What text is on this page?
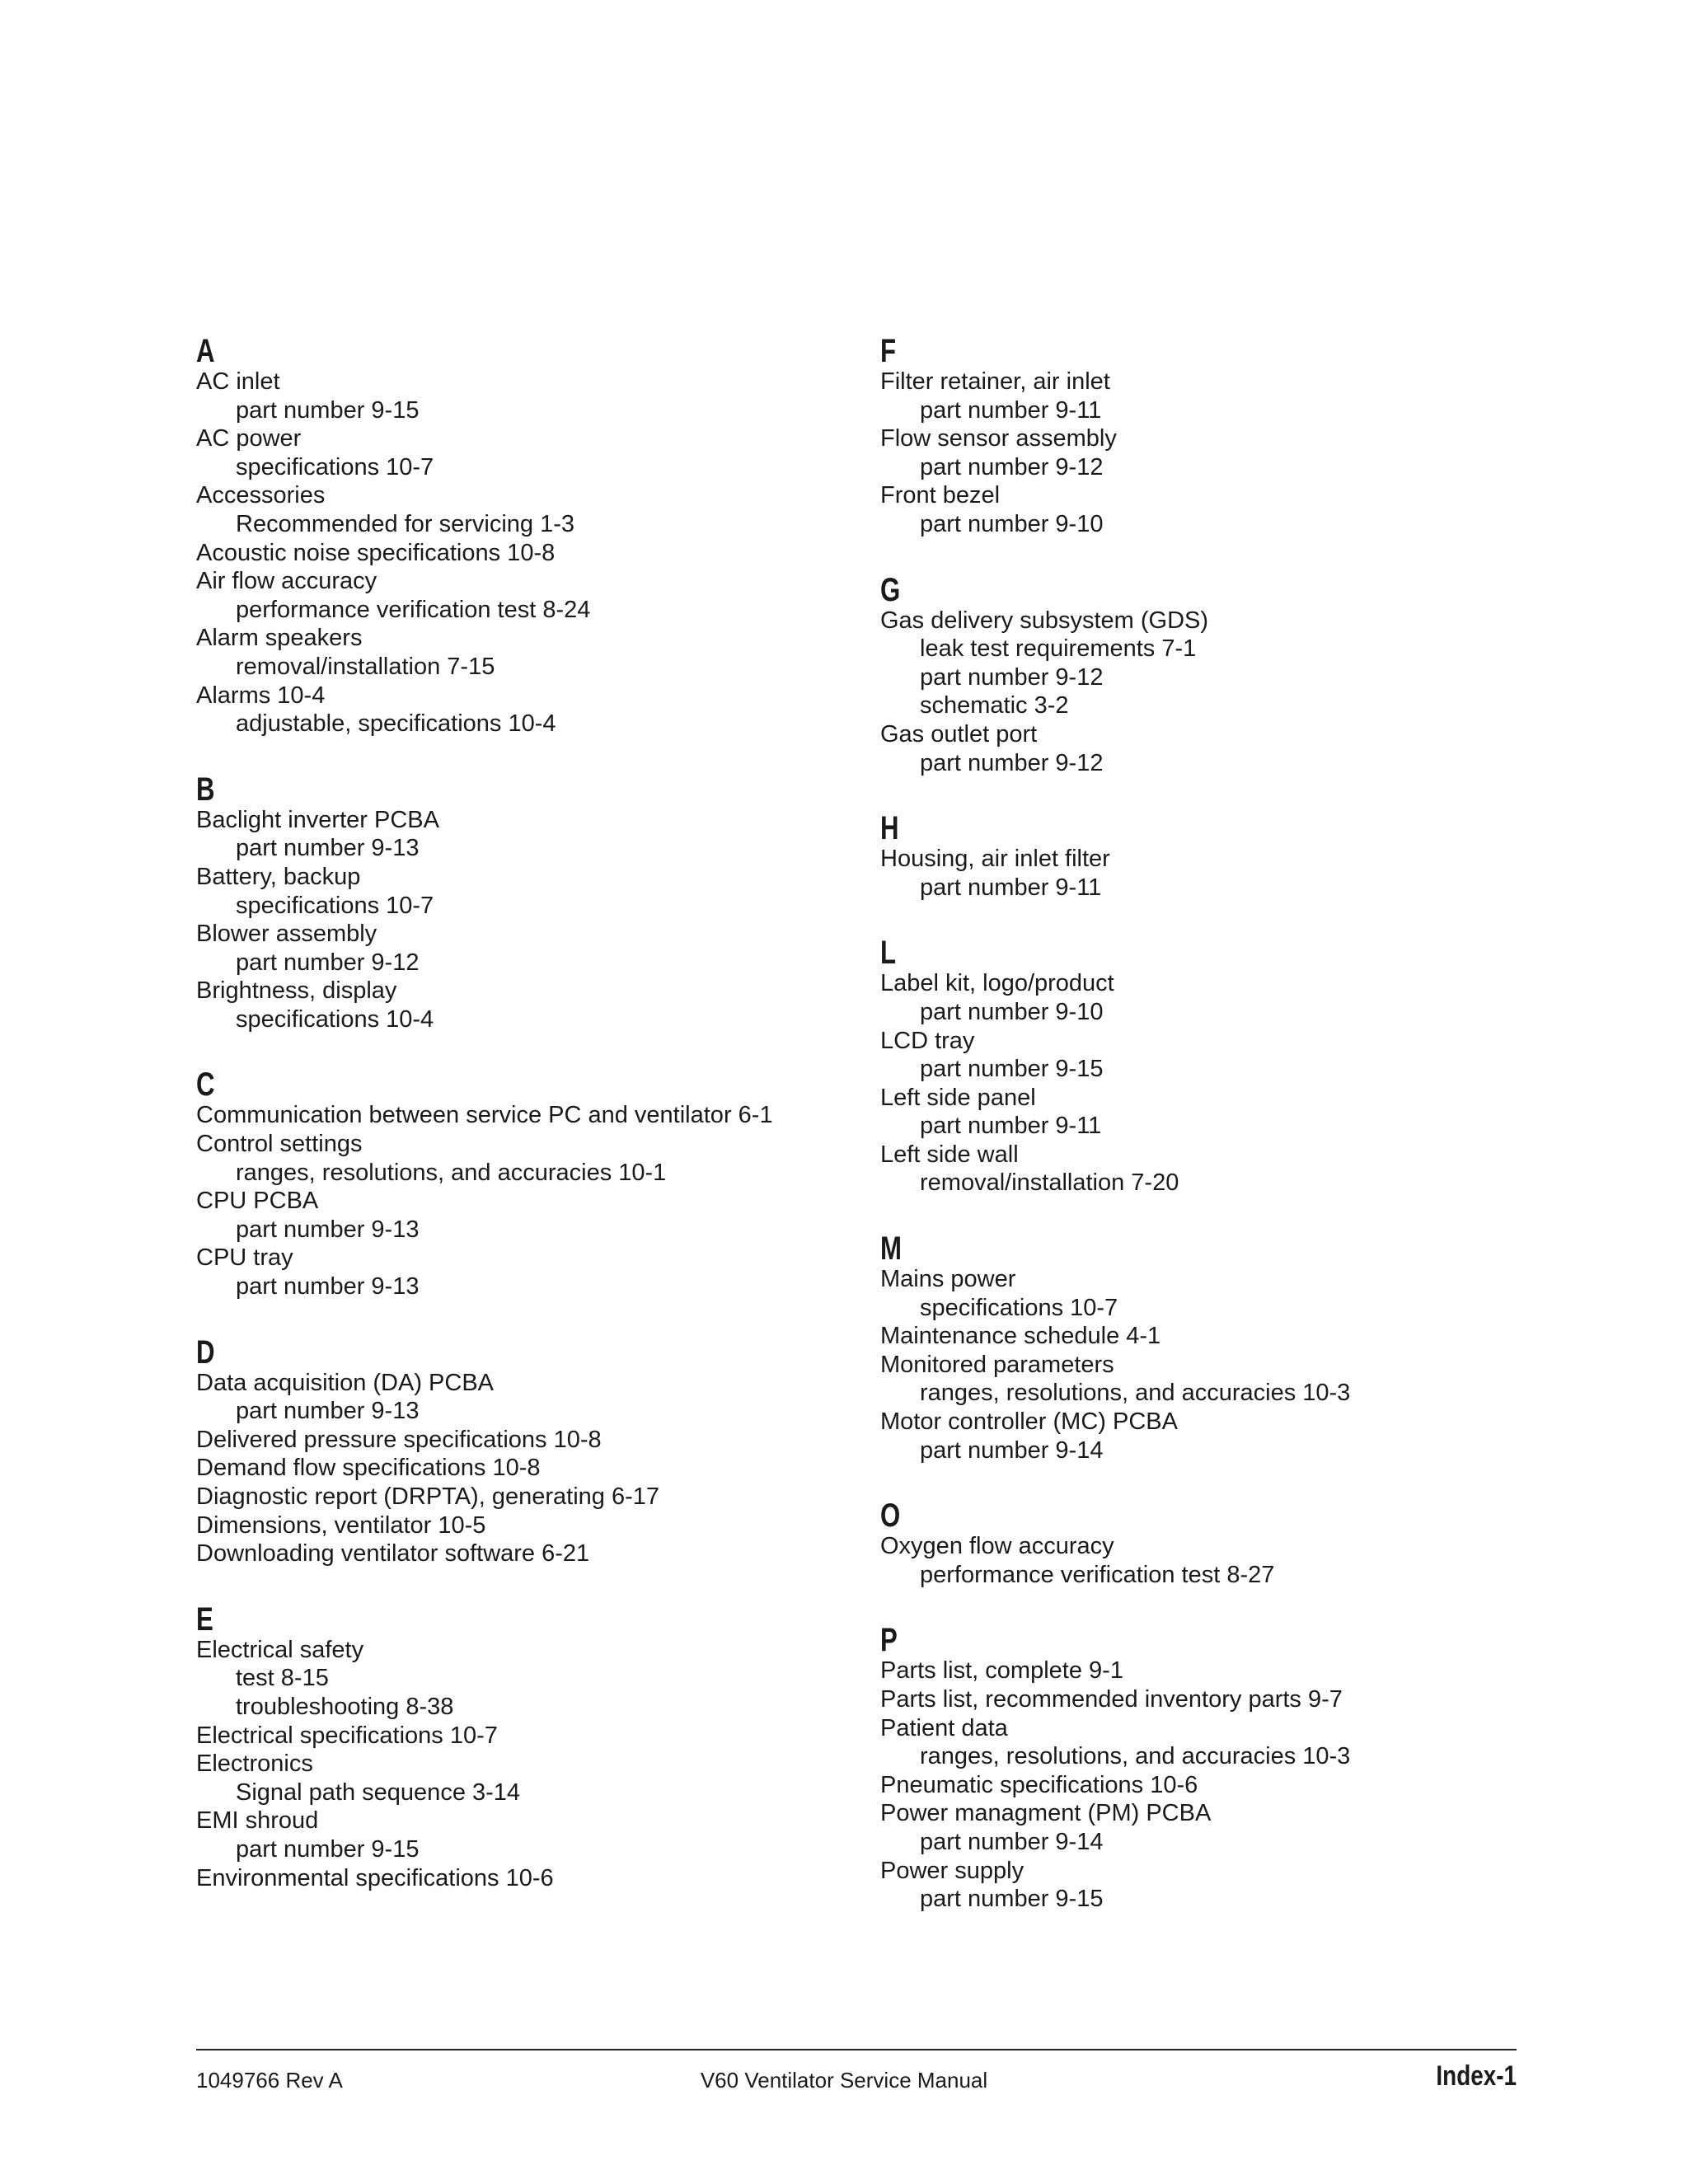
A
AC inlet
part number 9-15
AC power
specifications 10-7
Accessories
Recommended for servicing 1-3
Acoustic noise specifications 10-8
Air flow accuracy
performance verification test 8-24
Alarm speakers
removal/installation 7-15
Alarms 10-4
adjustable, specifications 10-4
B
Baclight inverter PCBA
part number 9-13
Battery, backup
specifications 10-7
Blower assembly
part number 9-12
Brightness, display
specifications 10-4
C
Communication between service PC and ventilator 6-1
Control settings
ranges, resolutions, and accuracies 10-1
CPU PCBA
part number 9-13
CPU tray
part number 9-13
D
Data acquisition (DA) PCBA
part number 9-13
Delivered pressure specifications 10-8
Demand flow specifications 10-8
Diagnostic report (DRPTA), generating 6-17
Dimensions, ventilator 10-5
Downloading ventilator software 6-21
E
Electrical safety
test 8-15
troubleshooting 8-38
Electrical specifications 10-7
Electronics
Signal path sequence 3-14
EMI shroud
part number 9-15
Environmental specifications 10-6
F
Filter retainer, air inlet
part number 9-11
Flow sensor assembly
part number 9-12
Front bezel
part number 9-10
G
Gas delivery subsystem (GDS)
leak test requirements 7-1
part number 9-12
schematic 3-2
Gas outlet port
part number 9-12
H
Housing, air inlet filter
part number 9-11
L
Label kit, logo/product
part number 9-10
LCD tray
part number 9-15
Left side panel
part number 9-11
Left side wall
removal/installation 7-20
M
Mains power
specifications 10-7
Maintenance schedule 4-1
Monitored parameters
ranges, resolutions, and accuracies 10-3
Motor controller (MC) PCBA
part number 9-14
O
Oxygen flow accuracy
performance verification test 8-27
P
Parts list, complete 9-1
Parts list, recommended inventory parts 9-7
Patient data
ranges, resolutions, and accuracies 10-3
Pneumatic specifications 10-6
Power managment (PM) PCBA
part number 9-14
Power supply
part number 9-15
1049766 Rev A	V60 Ventilator Service Manual	Index-1
